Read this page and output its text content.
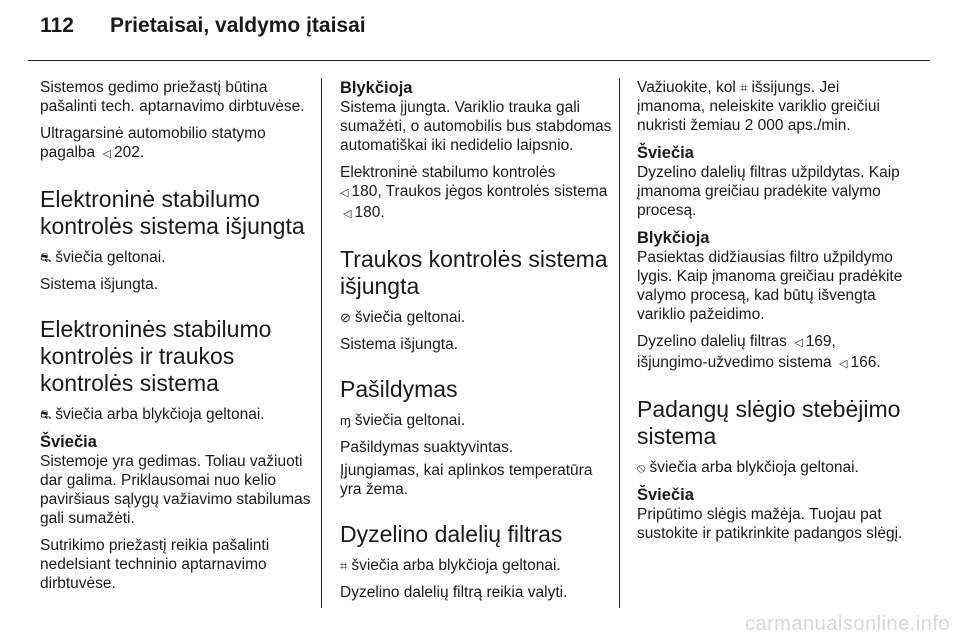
112	Prietaisai, valdymo įtaisai

Sistemos gedimo priežastį būtina pašalinti tech. aptarnavimo dirbtuvėse.

Ultragarsinė automobilio statymo pagalba ◁ 202.

Elektroninė stabilumo kontrolės sistema išjungta

⛐ šviečia geltonai.

Sistema išjungta.

Elektroninės stabilumo kontrolės ir traukos kontrolės sistema

⛐ šviečia arba blykčioja geltonai.

Šviečia

Sistemoje yra gedimas. Toliau važiuoti dar galima. Priklausomai nuo kelio paviršiaus sąlygų važiavimo stabilumas gali sumažėti.

Sutrikimo priežastį reikia pašalinti nedelsiant techninio aptarnavimo dirbtuvėse.

Blykčioja

Sistema įjungta. Variklio trauka gali sumažėti, o automobilis bus stabdomas automatiškai iki nedidelio laipsnio.

Elektroninė stabilumo kontrolės
◁ 180, Traukos jėgos kontrolės sistema ◁ 180.

Traukos kontrolės sistema išjungta

⊘ šviečia geltonai.

Sistema išjungta.

Pašildymas

ɱ šviečia geltonai.

Pašildymas suaktyvintas.

Įjungiamas, kai aplinkos temperatūra yra žema.

Dyzelino dalelių filtras

⌗ šviečia arba blykčioja geltonai.

Dyzelino dalelių filtrą reikia valyti.

Važiuokite, kol ⌗ išsijungs. Jei įmanoma, neleiskite variklio greičiui nukristi žemiau 2 000 aps./min.

Šviečia

Dyzelino dalelių filtras užpildytas. Kaip įmanoma greičiau pradėkite valymo procesą.

Blykčioja

Pasiektas didžiausias filtro užpildymo lygis. Kaip įmanoma greičiau pradėkite valymo procesą, kad būtų išvengta variklio pažeidimo.

Dyzelino dalelių filtras ◁ 169, išjungimo-užvedimo sistema ◁ 166.

Padangų slėgio stebėjimo sistema

⦸ šviečia arba blykčioja geltonai.

Šviečia

Pripūtimo slėgis mažėja. Tuojau pat sustokite ir patikrinkite padangos slėgį.

carmanualsonline.info
